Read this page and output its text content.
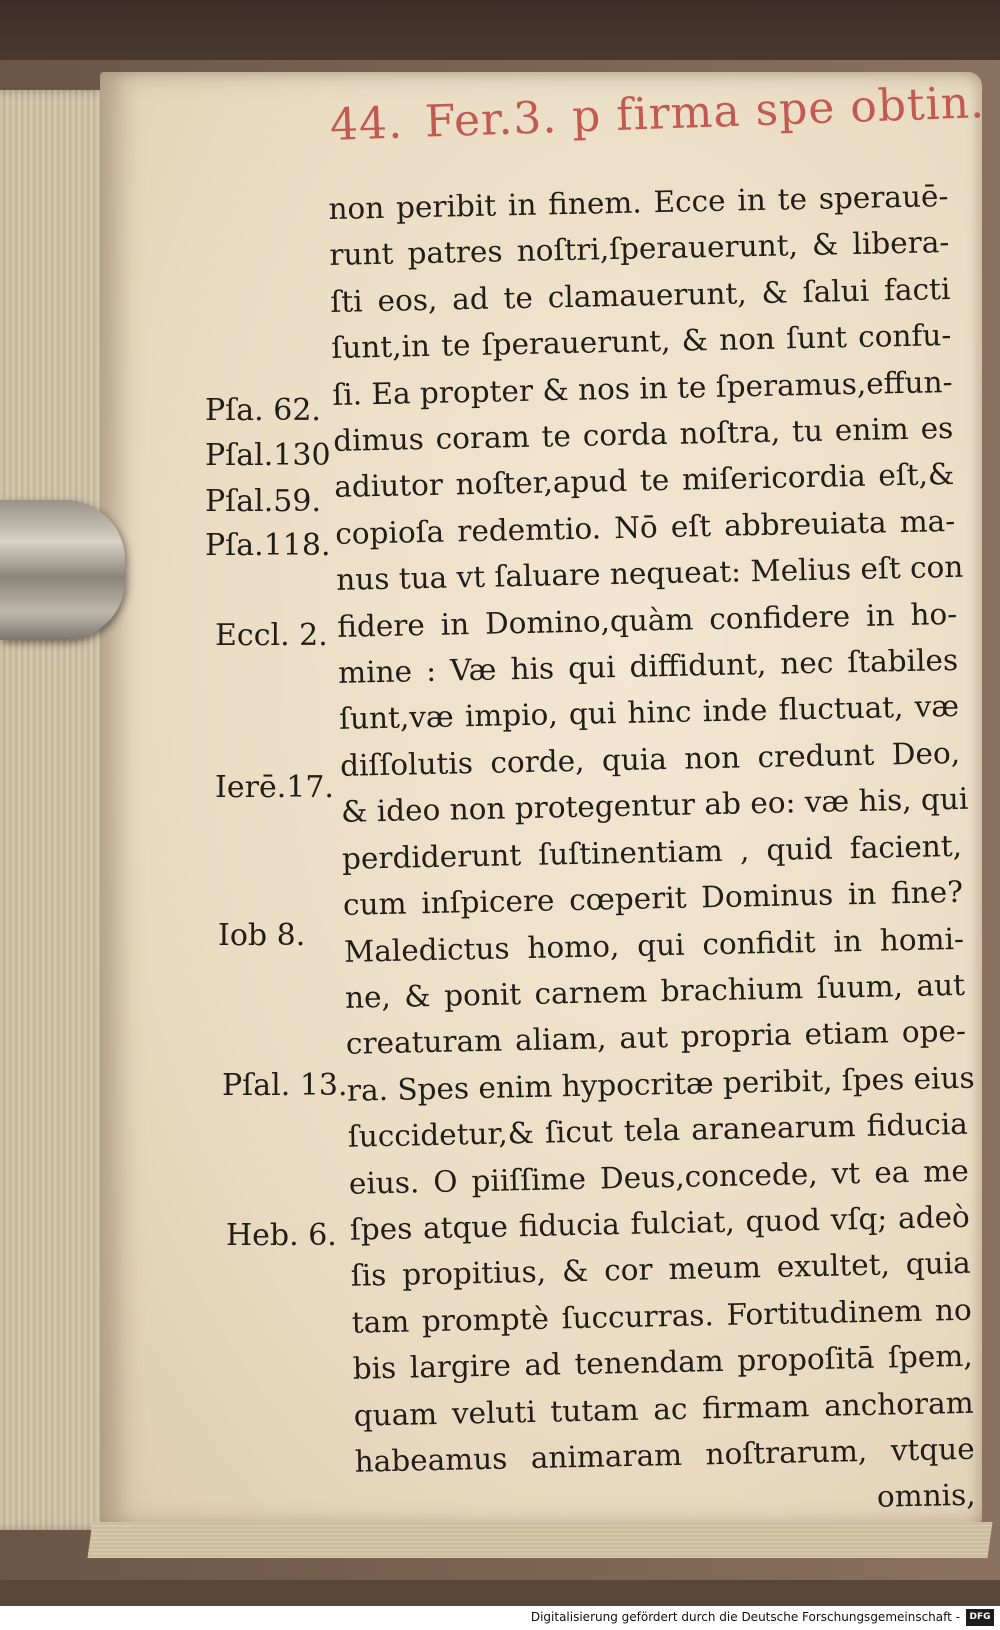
44. Fer.3. p firma spe obtin.
non peribit in finem. Ecce in te sperauē-
runt patres noſtri,ſperauerunt, & libera-
ſti eos, ad te clamauerunt, & ſalui facti
ſunt,in te ſperauerunt, & non ſunt confu-
ſi. Ea propter & nos in te ſperamus,effun-
dimus coram te corda noſtra, tu enim es
adiutor noſter,apud te miſericordia eſt,&
copioſa redemtio. Nō eſt abbreuiata ma-
nus tua vt ſaluare nequeat: Melius eſt con
fidere in Domino,quàm confidere in ho-
mine : Væ his qui diffidunt, nec ſtabiles
ſunt,væ impio, qui hinc inde fluctuat, væ
diſſolutis corde, quia non credunt Deo,
& ideo non protegentur ab eo: væ his, qui
perdiderunt ſuſtinentiam , quid facient,
cum inſpicere cœperit Dominus in fine?
Maledictus homo, qui confidit in homi-
ne, & ponit carnem brachium ſuum, aut
creaturam aliam, aut propria etiam ope-
ra. Spes enim hypocritæ peribit, ſpes eius
ſuccidetur,& ſicut tela aranearum fiducia
eius. O piiſſime Deus,concede, vt ea me
ſpes atque fiducia fulciat, quod vſq; adeò
ſis propitius, & cor meum exultet, quia
tam promptè ſuccurras. Fortitudinem no
bis largire ad tenendam propoſitā ſpem,
quam veluti tutam ac firmam anchoram
habeamus animaram noſtrarum, vtque
omnis,
Pſa. 62.
Pſal.130
Pſal.59.
Pſa.118.
Eccl. 2.
Ierē.17.
Iob 8.
Pſal. 13.
Heb. 6.
Digitalisierung gefördert durch die Deutsche Forschungsgemeinschaft -	DFG
